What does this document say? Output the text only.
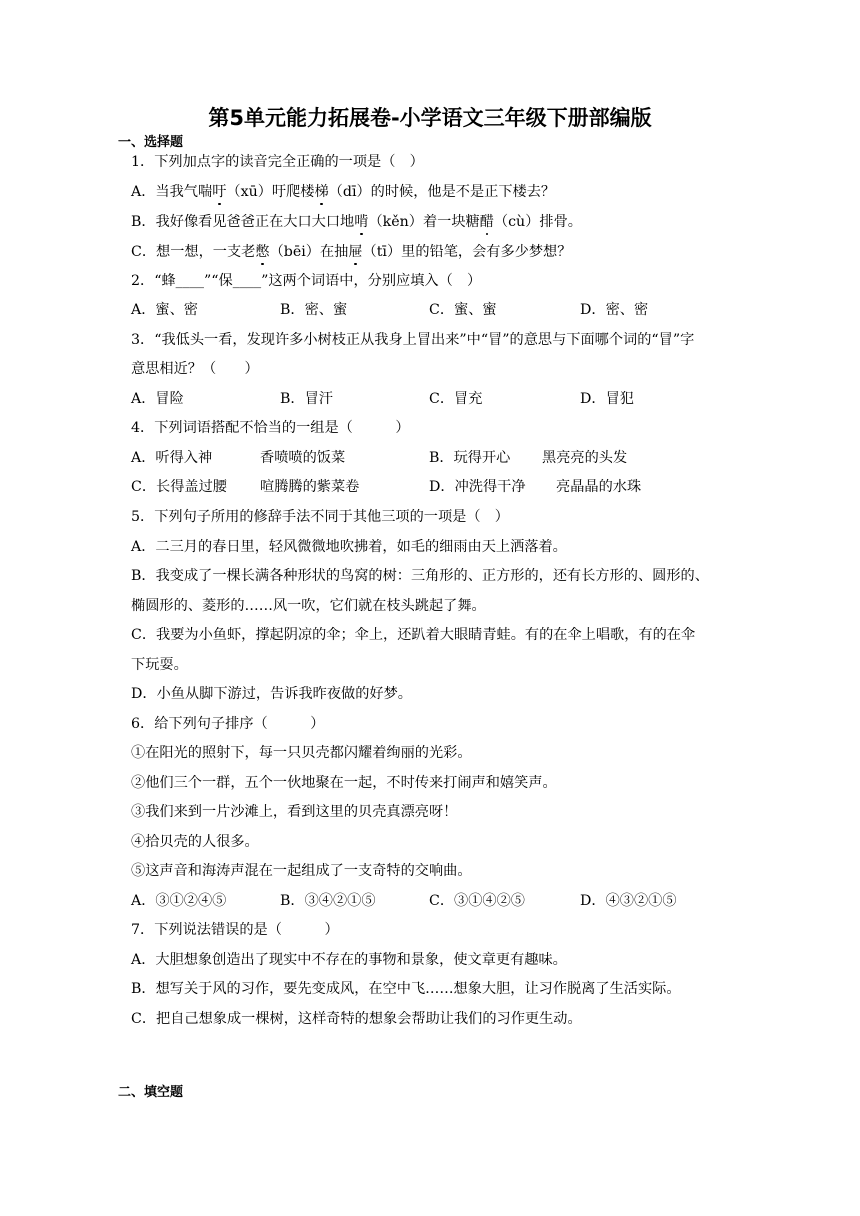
第5单元能力拓展卷-小学语文三年级下册部编版
一、选择题
1．下列加点字的读音完全正确的一项是（　）
A．当我气喘吁（xū）吁爬楼梯（dī）的时候，他是不是正下楼去？
B．我好像看见爸爸正在大口大口地啃（kěn）着一块糖醋（cù）排骨。
C．想一想，一支老憋（bēi）在抽屉（tī）里的铅笔，会有多少梦想？
2．“蜂____”“保____”这两个词语中，分别应填入（　）
A．蜜、密	B．密、蜜	C．蜜、蜜	D．密、密
3．“我低头一看，发现许多小树枝正从我身上冒出来”中“冒”的意思与下面哪个词的“冒”字
意思相近？（　　）
A．冒险	B．冒汗	C．冒充	D．冒犯
4．下列词语搭配不恰当的一组是（　　　）
A．听得入神	香喷喷的饭菜	B．玩得开心 黑亮亮的头发
C．长得盖过腰 喧腾腾的紫菜卷	D．冲洗得干净 亮晶晶的水珠
5．下列句子所用的修辞手法不同于其他三项的一项是（　）
A．二三月的春日里，轻风微微地吹拂着，如毛的细雨由天上洒落着。
B．我变成了一棵长满各种形状的鸟窝的树：三角形的、正方形的，还有长方形的、圆形的、
椭圆形的、菱形的……风一吹，它们就在枝头跳起了舞。
C．我要为小鱼虾，撑起阴凉的伞；伞上，还趴着大眼睛青蛙。有的在伞上唱歌，有的在伞
下玩耍。
D．小鱼从脚下游过，告诉我昨夜做的好梦。
6．给下列句子排序（　　　）
①在阳光的照射下，每一只贝壳都闪耀着绚丽的光彩。
②他们三个一群，五个一伙地聚在一起，不时传来打闹声和嬉笑声。
③我们来到一片沙滩上，看到这里的贝壳真漂亮呀！
④拾贝壳的人很多。
⑤这声音和海涛声混在一起组成了一支奇特的交响曲。
A．③①②④⑤	B．③④②①⑤	C．③①④②⑤	D．④③②①⑤
7．下列说法错误的是（　　　）
A．大胆想象创造出了现实中不存在的事物和景象，使文章更有趣味。
B．想写关于风的习作，要先变成风，在空中飞……想象大胆，让习作脱离了生活实际。
C．把自己想象成一棵树，这样奇特的想象会帮助让我们的习作更生动。
二、填空题
